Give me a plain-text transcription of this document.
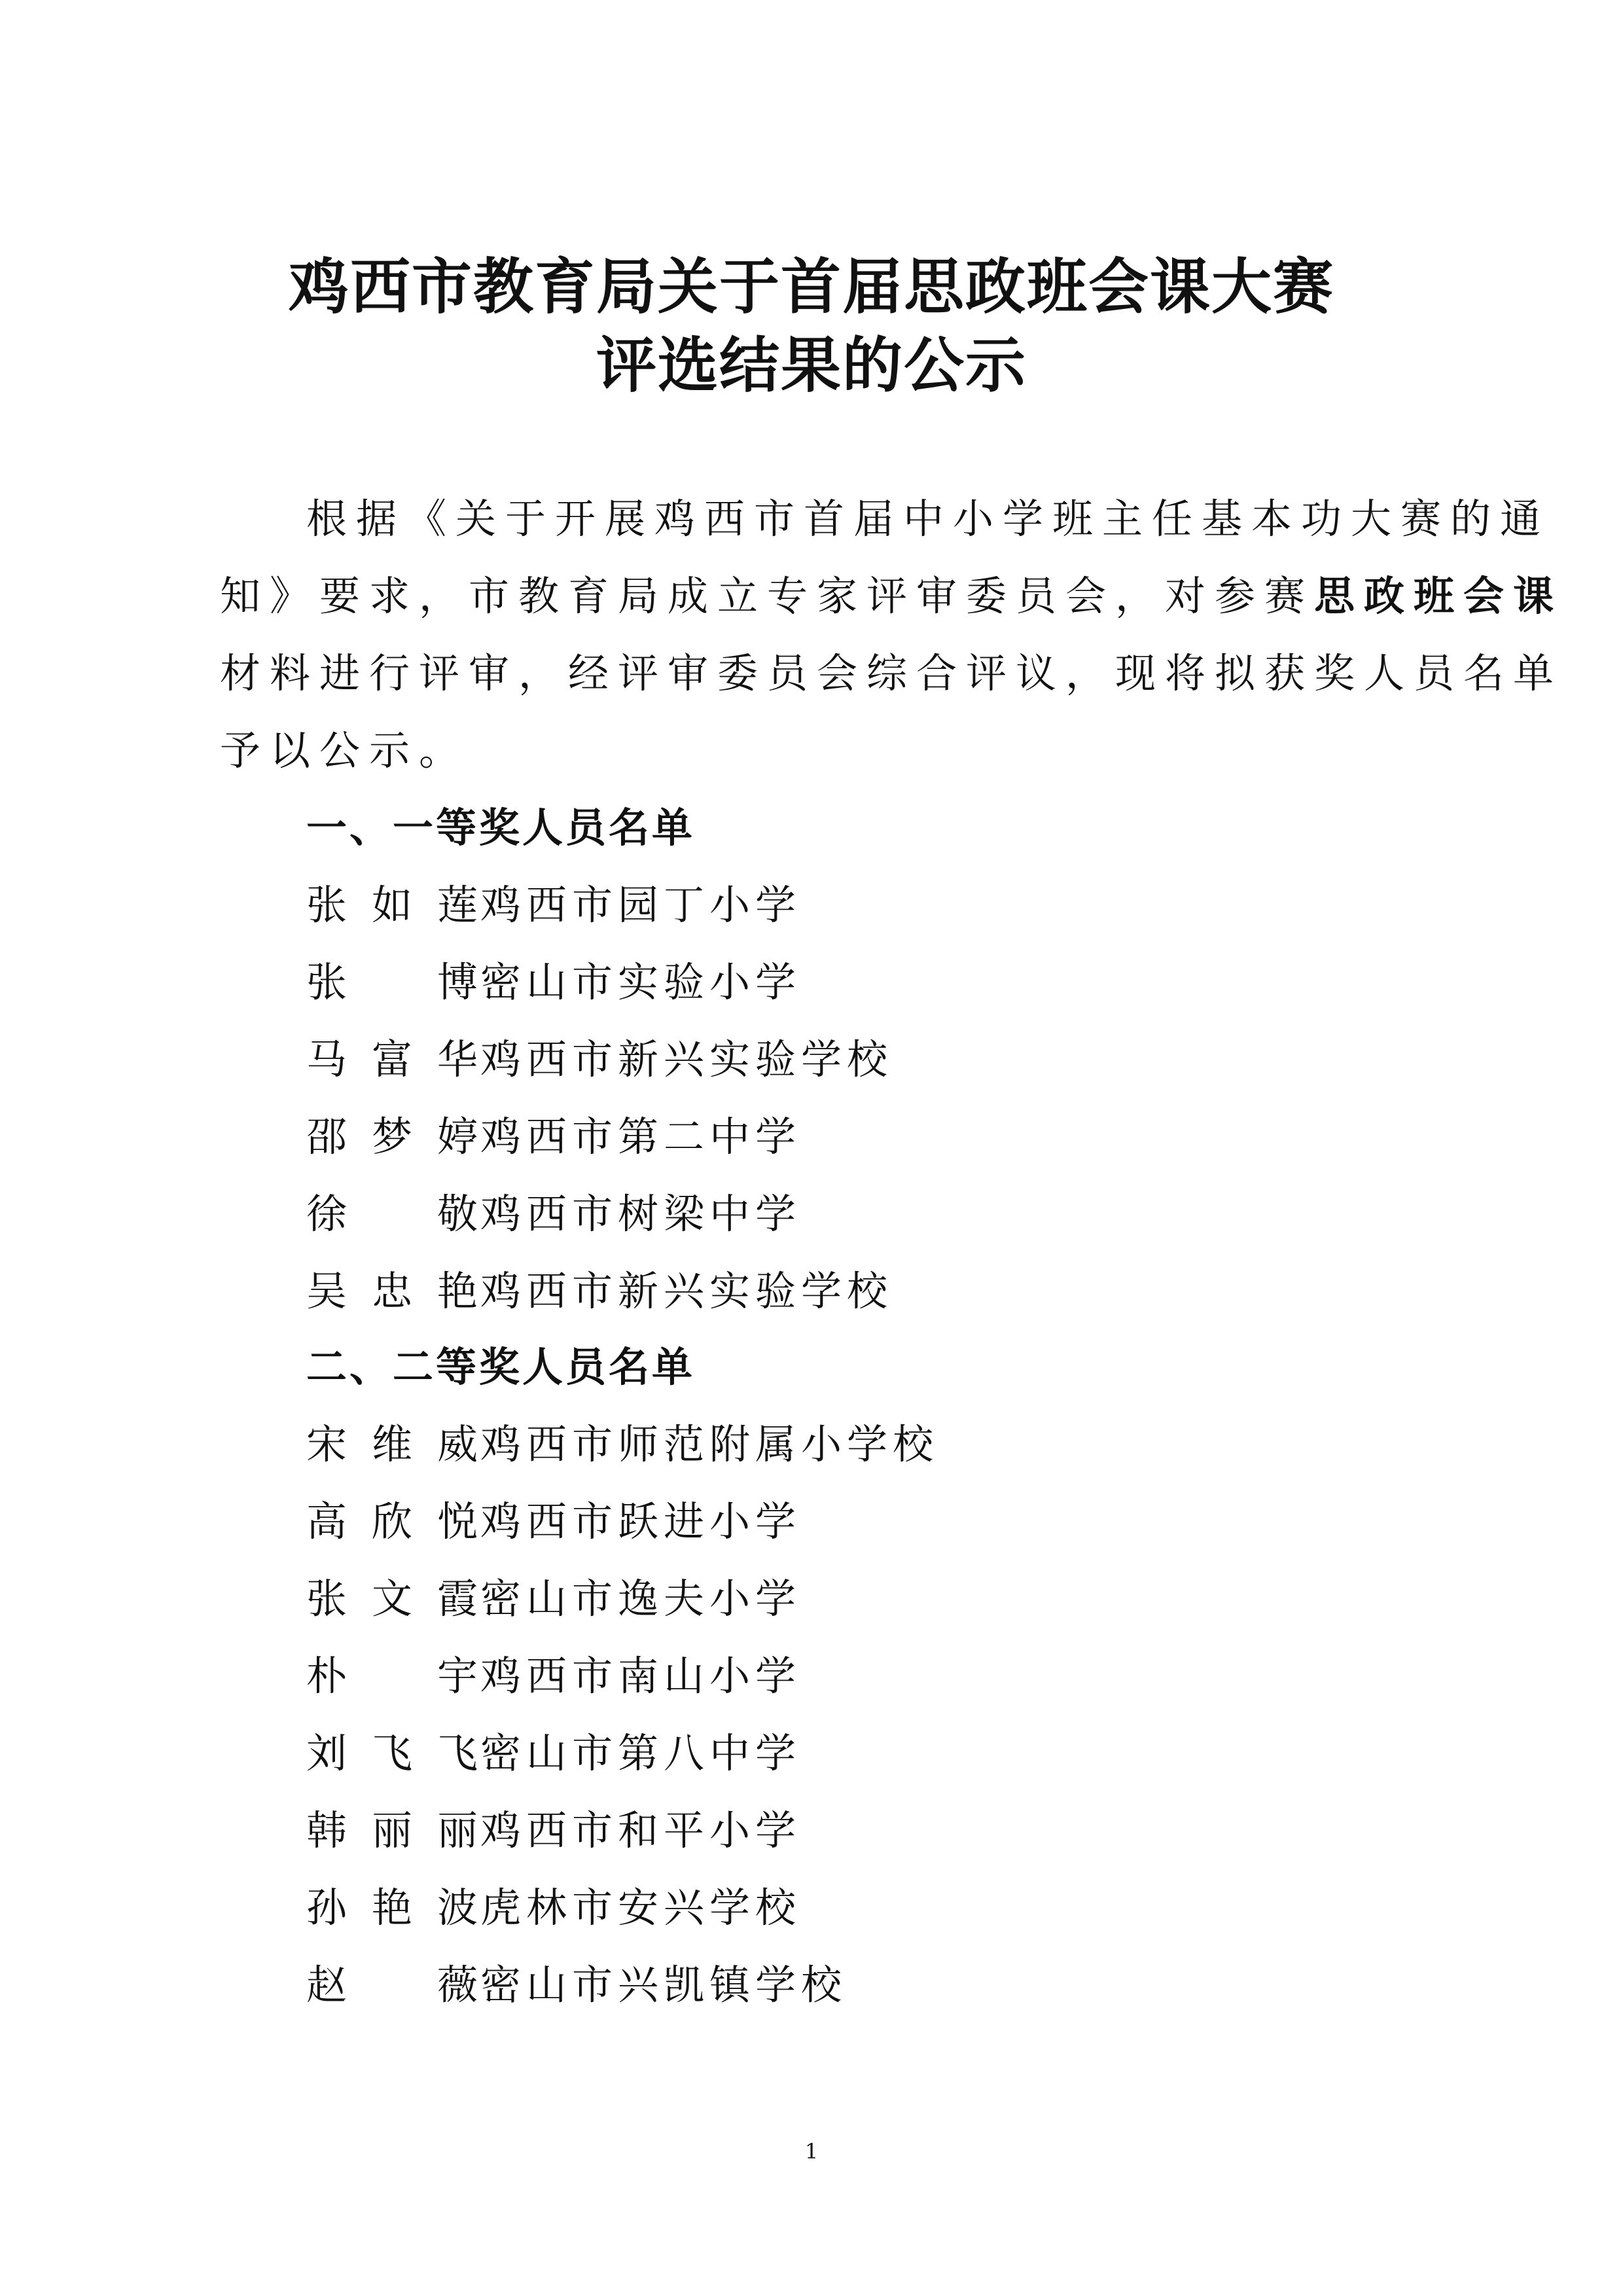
鸡西市教育局关于首届思政班会课大赛
评选结果的公示
根据《关于开展鸡西市首届中小学班主任基本功大赛的通
知》要求，市教育局成立专家评审委员会，对参赛思政班会课
材料进行评审，经评审委员会综合评议，现将拟获奖人员名单
予以公示。
一、一等奖人员名单
张如莲鸡西市园丁小学
张博密山市实验小学
马富华鸡西市新兴实验学校
邵梦婷鸡西市第二中学
徐敬鸡西市树梁中学
吴忠艳鸡西市新兴实验学校
二、二等奖人员名单
宋维威鸡西市师范附属小学校
高欣悦鸡西市跃进小学
张文霞密山市逸夫小学
朴宇鸡西市南山小学
刘飞飞密山市第八中学
韩丽丽鸡西市和平小学
孙艳波虎林市安兴学校
赵薇密山市兴凯镇学校
1
